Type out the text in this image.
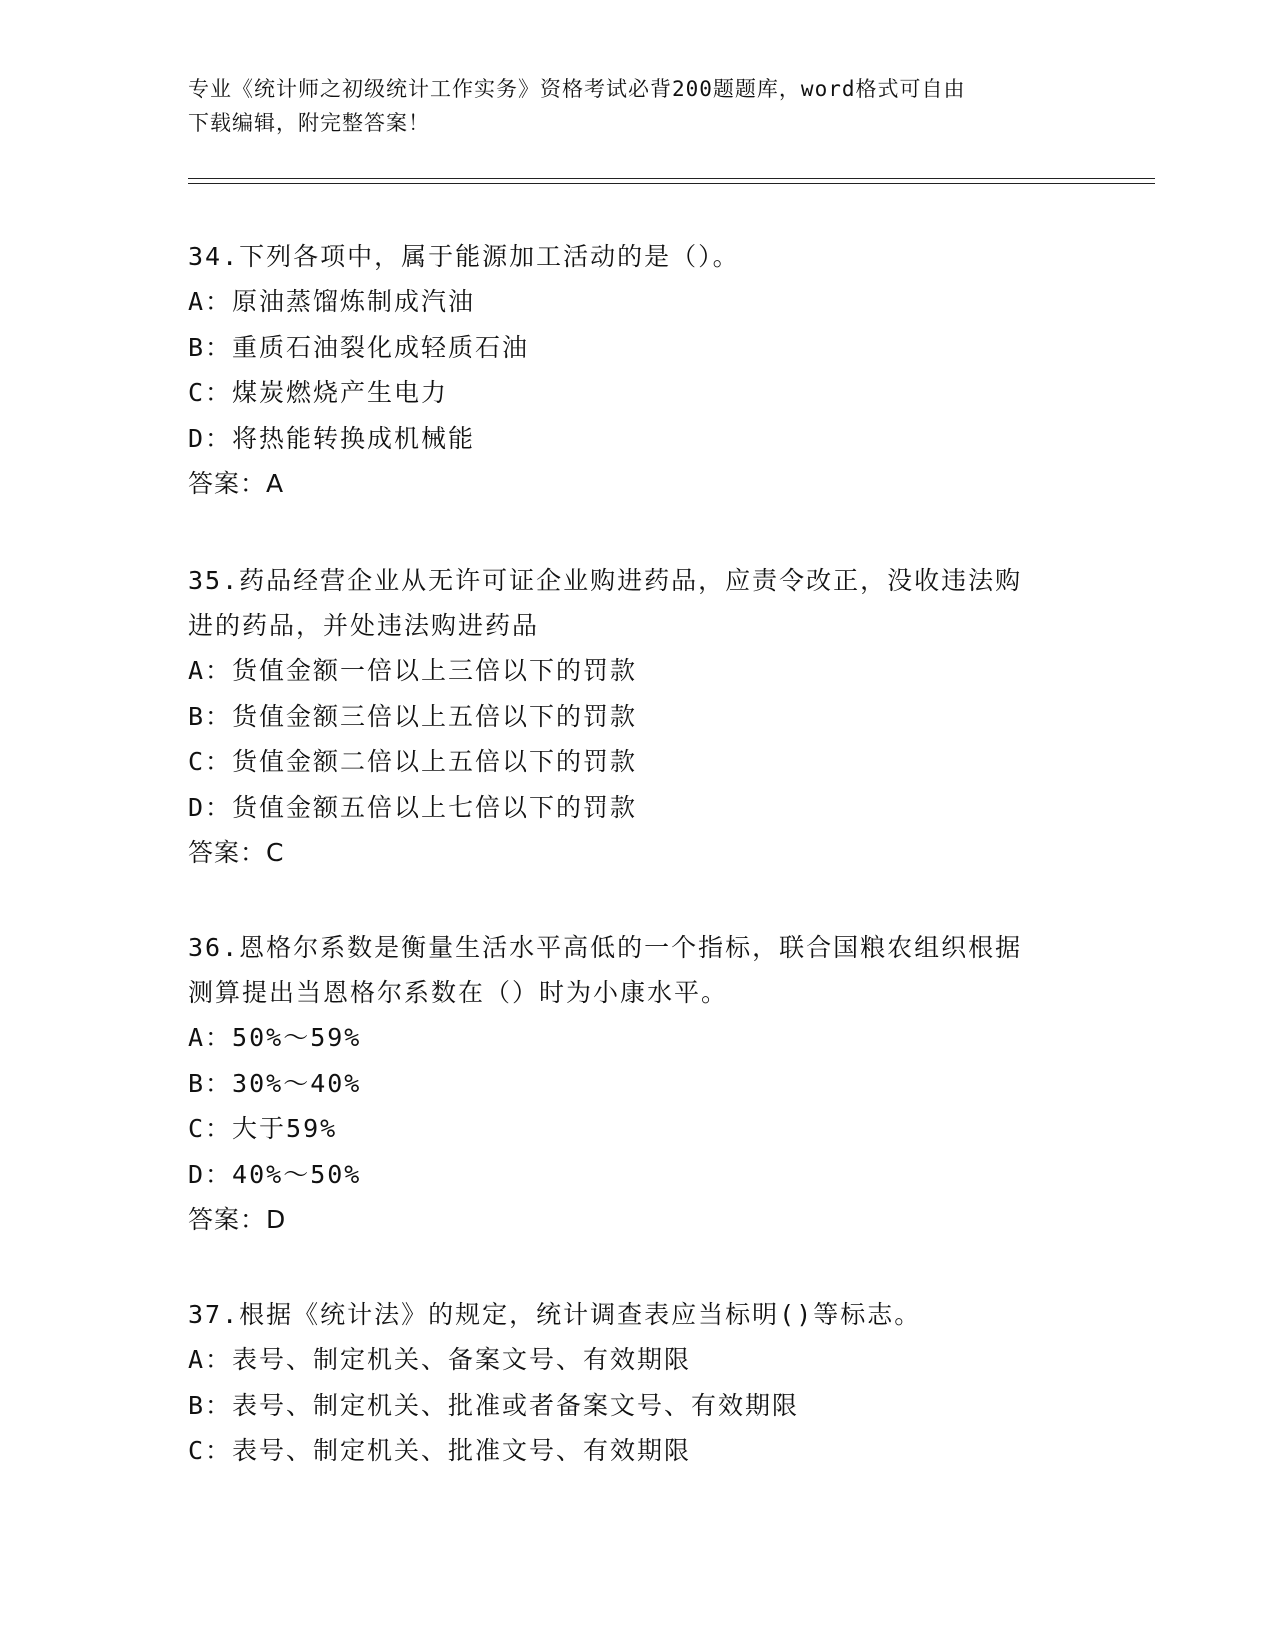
专业《统计师之初级统计工作实务》资格考试必背200题题库，word格式可自由
下载编辑，附完整答案！
34.下列各项中，属于能源加工活动的是（）。
A：原油蒸馏炼制成汽油
B：重质石油裂化成轻质石油
C：煤炭燃烧产生电力
D：将热能转换成机械能
答案：A
35.药品经营企业从无许可证企业购进药品，应责令改正，没收违法购
进的药品，并处违法购进药品
A：货值金额一倍以上三倍以下的罚款
B：货值金额三倍以上五倍以下的罚款
C：货值金额二倍以上五倍以下的罚款
D：货值金额五倍以上七倍以下的罚款
答案：C
36.恩格尔系数是衡量生活水平高低的一个指标，联合国粮农组织根据
测算提出当恩格尔系数在（）时为小康水平。
A：50%～59%
B：30%～40%
C：大于59%
D：40%～50%
答案：D
37.根据《统计法》的规定，统计调查表应当标明()等标志。
A：表号、制定机关、备案文号、有效期限
B：表号、制定机关、批准或者备案文号、有效期限
C：表号、制定机关、批准文号、有效期限
